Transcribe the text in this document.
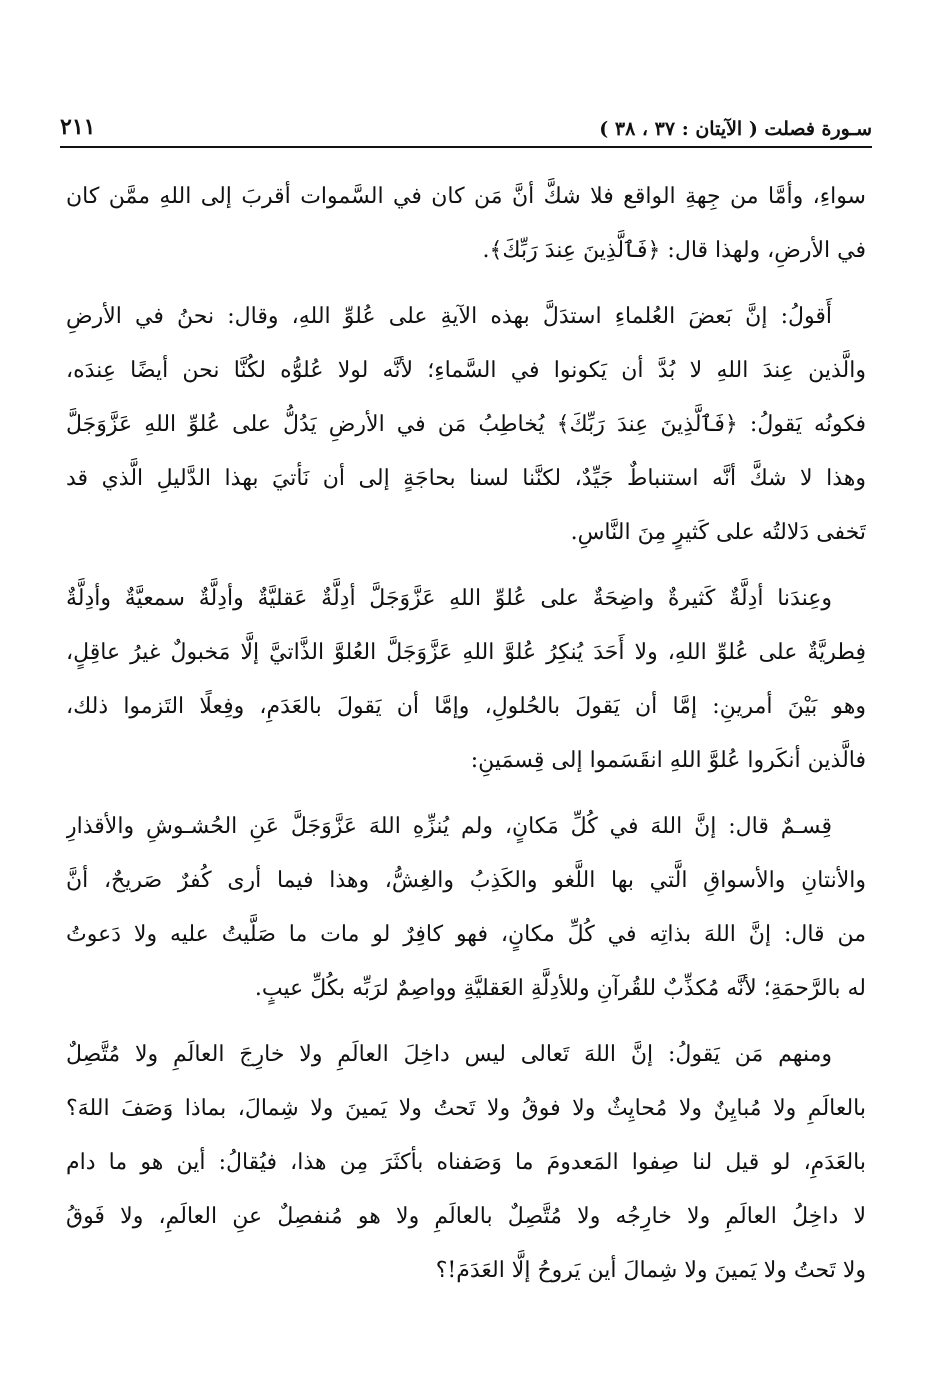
٢١١	سـورة فصلت ( الآيتان : ٣٧ ، ٣٨ )
سواءِ، وأمَّا من جِهةِ الواقع فلا شكَّ أنَّ مَن كان في السَّموات أقربَ إلى اللهِ ممَّن كان
في الأرضِ، ولهذا قال: ﴿فَٱلَّذِينَ عِندَ رَبِّكَ﴾.
أَقولُ: إنَّ بَعضَ العُلماءِ استدَلَّ بهذه الآيةِ على عُلوِّ اللهِ، وقال: نحنُ في الأرضِ
والَّذين عِندَ اللهِ لا بُدَّ أن يَكونوا في السَّماءِ؛ لأنَّه لولا عُلوُّه لكُنَّا نحن أيضًا عِندَه،
فكونُه يَقولُ: ﴿فَٱلَّذِينَ عِندَ رَبِّكَ﴾ يُخاطِبُ مَن في الأرضِ يَدُلُّ على عُلوِّ اللهِ عَزَّوَجَلَّ
وهذا لا شكَّ أنَّه استنباطٌ جَيِّدٌ، لكنَّنا لسنا بحاجَةٍ إلى أن نَأتيَ بهذا الدَّليلِ الَّذي قد
تَخفى دَلالتُه على كَثيرٍ مِنَ النَّاسِ.
وعِندَنا أدِلَّةٌ كَثيرةٌ واضِحَةٌ على عُلوِّ اللهِ عَزَّوَجَلَّ أدِلَّةٌ عَقليَّةٌ وأدِلَّةٌ سمعيَّةٌ وأدِلَّةٌ
فِطريَّةٌ على عُلوِّ اللهِ، ولا أَحَدَ يُنكِرُ عُلوَّ اللهِ عَزَّوَجَلَّ العُلوَّ الذَّاتيَّ إلَّا مَخبولٌ غيرُ عاقِلٍ،
وهو بَيْنَ أمرينِ: إمَّا أن يَقولَ بالحُلولِ، وإمَّا أن يَقولَ بالعَدَمِ، وفِعلًا التَزموا ذلك،
فالَّذين أنكَروا عُلوَّ اللهِ انقَسَموا إلى قِسمَينِ:
قِسـمٌ قال: إنَّ اللهَ في كُلِّ مَكانٍ، ولم يُنزِّهِ اللهَ عَزَّوَجَلَّ عَنِ الحُشـوشِ والأقذارِ
والأنتانِ والأسواقِ الَّتي بها اللَّغو والكَذِبُ والغِشُّ، وهذا فيما أرى كُفرٌ صَريحٌ، أنَّ
من قال: إنَّ اللهَ بذاتِه في كُلِّ مكانٍ، فهو كافِرٌ لو مات ما صَلَّيتُ عليه ولا دَعوتُ
له بالرَّحمَةِ؛ لأنَّه مُكذِّبٌ للقُرآنِ وللأدِلَّةِ العَقليَّةِ وواصِمٌ لرَبِّه بكُلِّ عيبٍ.
ومنهم مَن يَقولُ: إنَّ اللهَ تَعالى ليس داخِلَ العالَمِ ولا خارِجَ العالَمِ ولا مُتَّصِلٌ
بالعالَمِ ولا مُبايِنٌ ولا مُحايِثٌ ولا فوقُ ولا تَحتُ ولا يَمينَ ولا شِمالَ، بماذا وَصَفَ اللهَ؟
بالعَدَمِ، لو قيل لنا صِفوا المَعدومَ ما وَصَفناه بأكثَرَ مِن هذا، فيُقالُ: أين هو ما دام
لا داخِلُ العالَمِ ولا خارِجُه ولا مُتَّصِلٌ بالعالَمِ ولا هو مُنفصِلٌ عنِ العالَمِ، ولا فَوقُ
ولا تَحتُ ولا يَمينَ ولا شِمالَ أين يَروحُ إلَّا العَدَمَ!؟
